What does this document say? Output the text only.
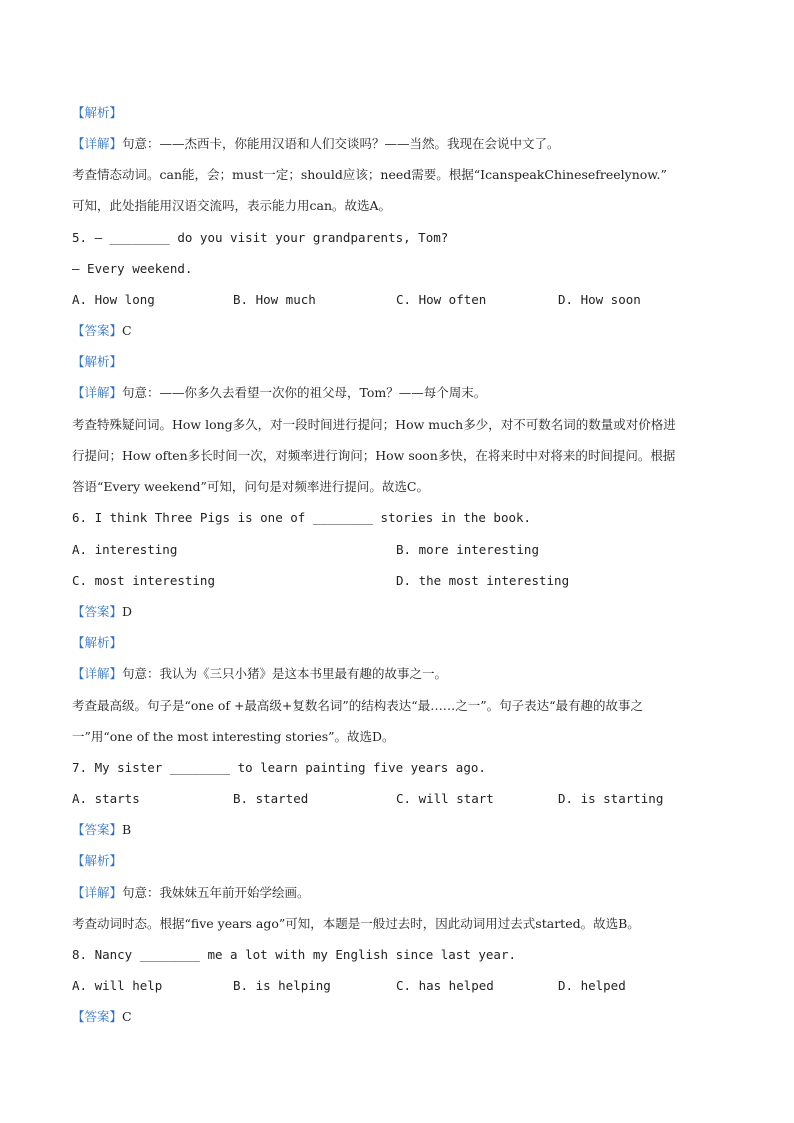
【解析】
【详解】句意：——杰西卡，你能用汉语和人们交谈吗？——当然。我现在会说中文了。
考查情态动词。can能，会；must一定；should应该；need需要。根据“IcanspeakChinesefreelynow.”
可知，此处指能用汉语交流吗，表示能力用can。故选A。
5. — ________ do you visit your grandparents, Tom?
— Every weekend.
A. How long	B. How much	C. How often	D. How soon
【答案】C
【解析】
【详解】句意：——你多久去看望一次你的祖父母，Tom？——每个周末。
考查特殊疑问词。How long多久，对一段时间进行提问；How much多少，对不可数名词的数量或对价格进
行提问；How often多长时间一次，对频率进行询问；How soon多快，在将来时中对将来的时间提问。根据
答语“Every weekend”可知，问句是对频率进行提问。故选C。
6. I think Three Pigs is one of ________ stories in the book.
A. interesting	B. more interesting
C. most interesting	D. the most interesting
【答案】D
【解析】
【详解】句意：我认为《三只小猪》是这本书里最有趣的故事之一。
考查最高级。句子是“one of +最高级+复数名词”的结构表达“最……之一”。句子表达“最有趣的故事之
一”用“one of the most interesting stories”。故选D。
7. My sister ________ to learn painting five years ago.
A. starts	B. started	C. will start	D. is starting
【答案】B
【解析】
【详解】句意：我妹妹五年前开始学绘画。
考查动词时态。根据“five years ago”可知，本题是一般过去时，因此动词用过去式started。故选B。
8. Nancy ________ me a lot with my English since last year.
A. will help	B. is helping	C. has helped	D. helped
【答案】C
